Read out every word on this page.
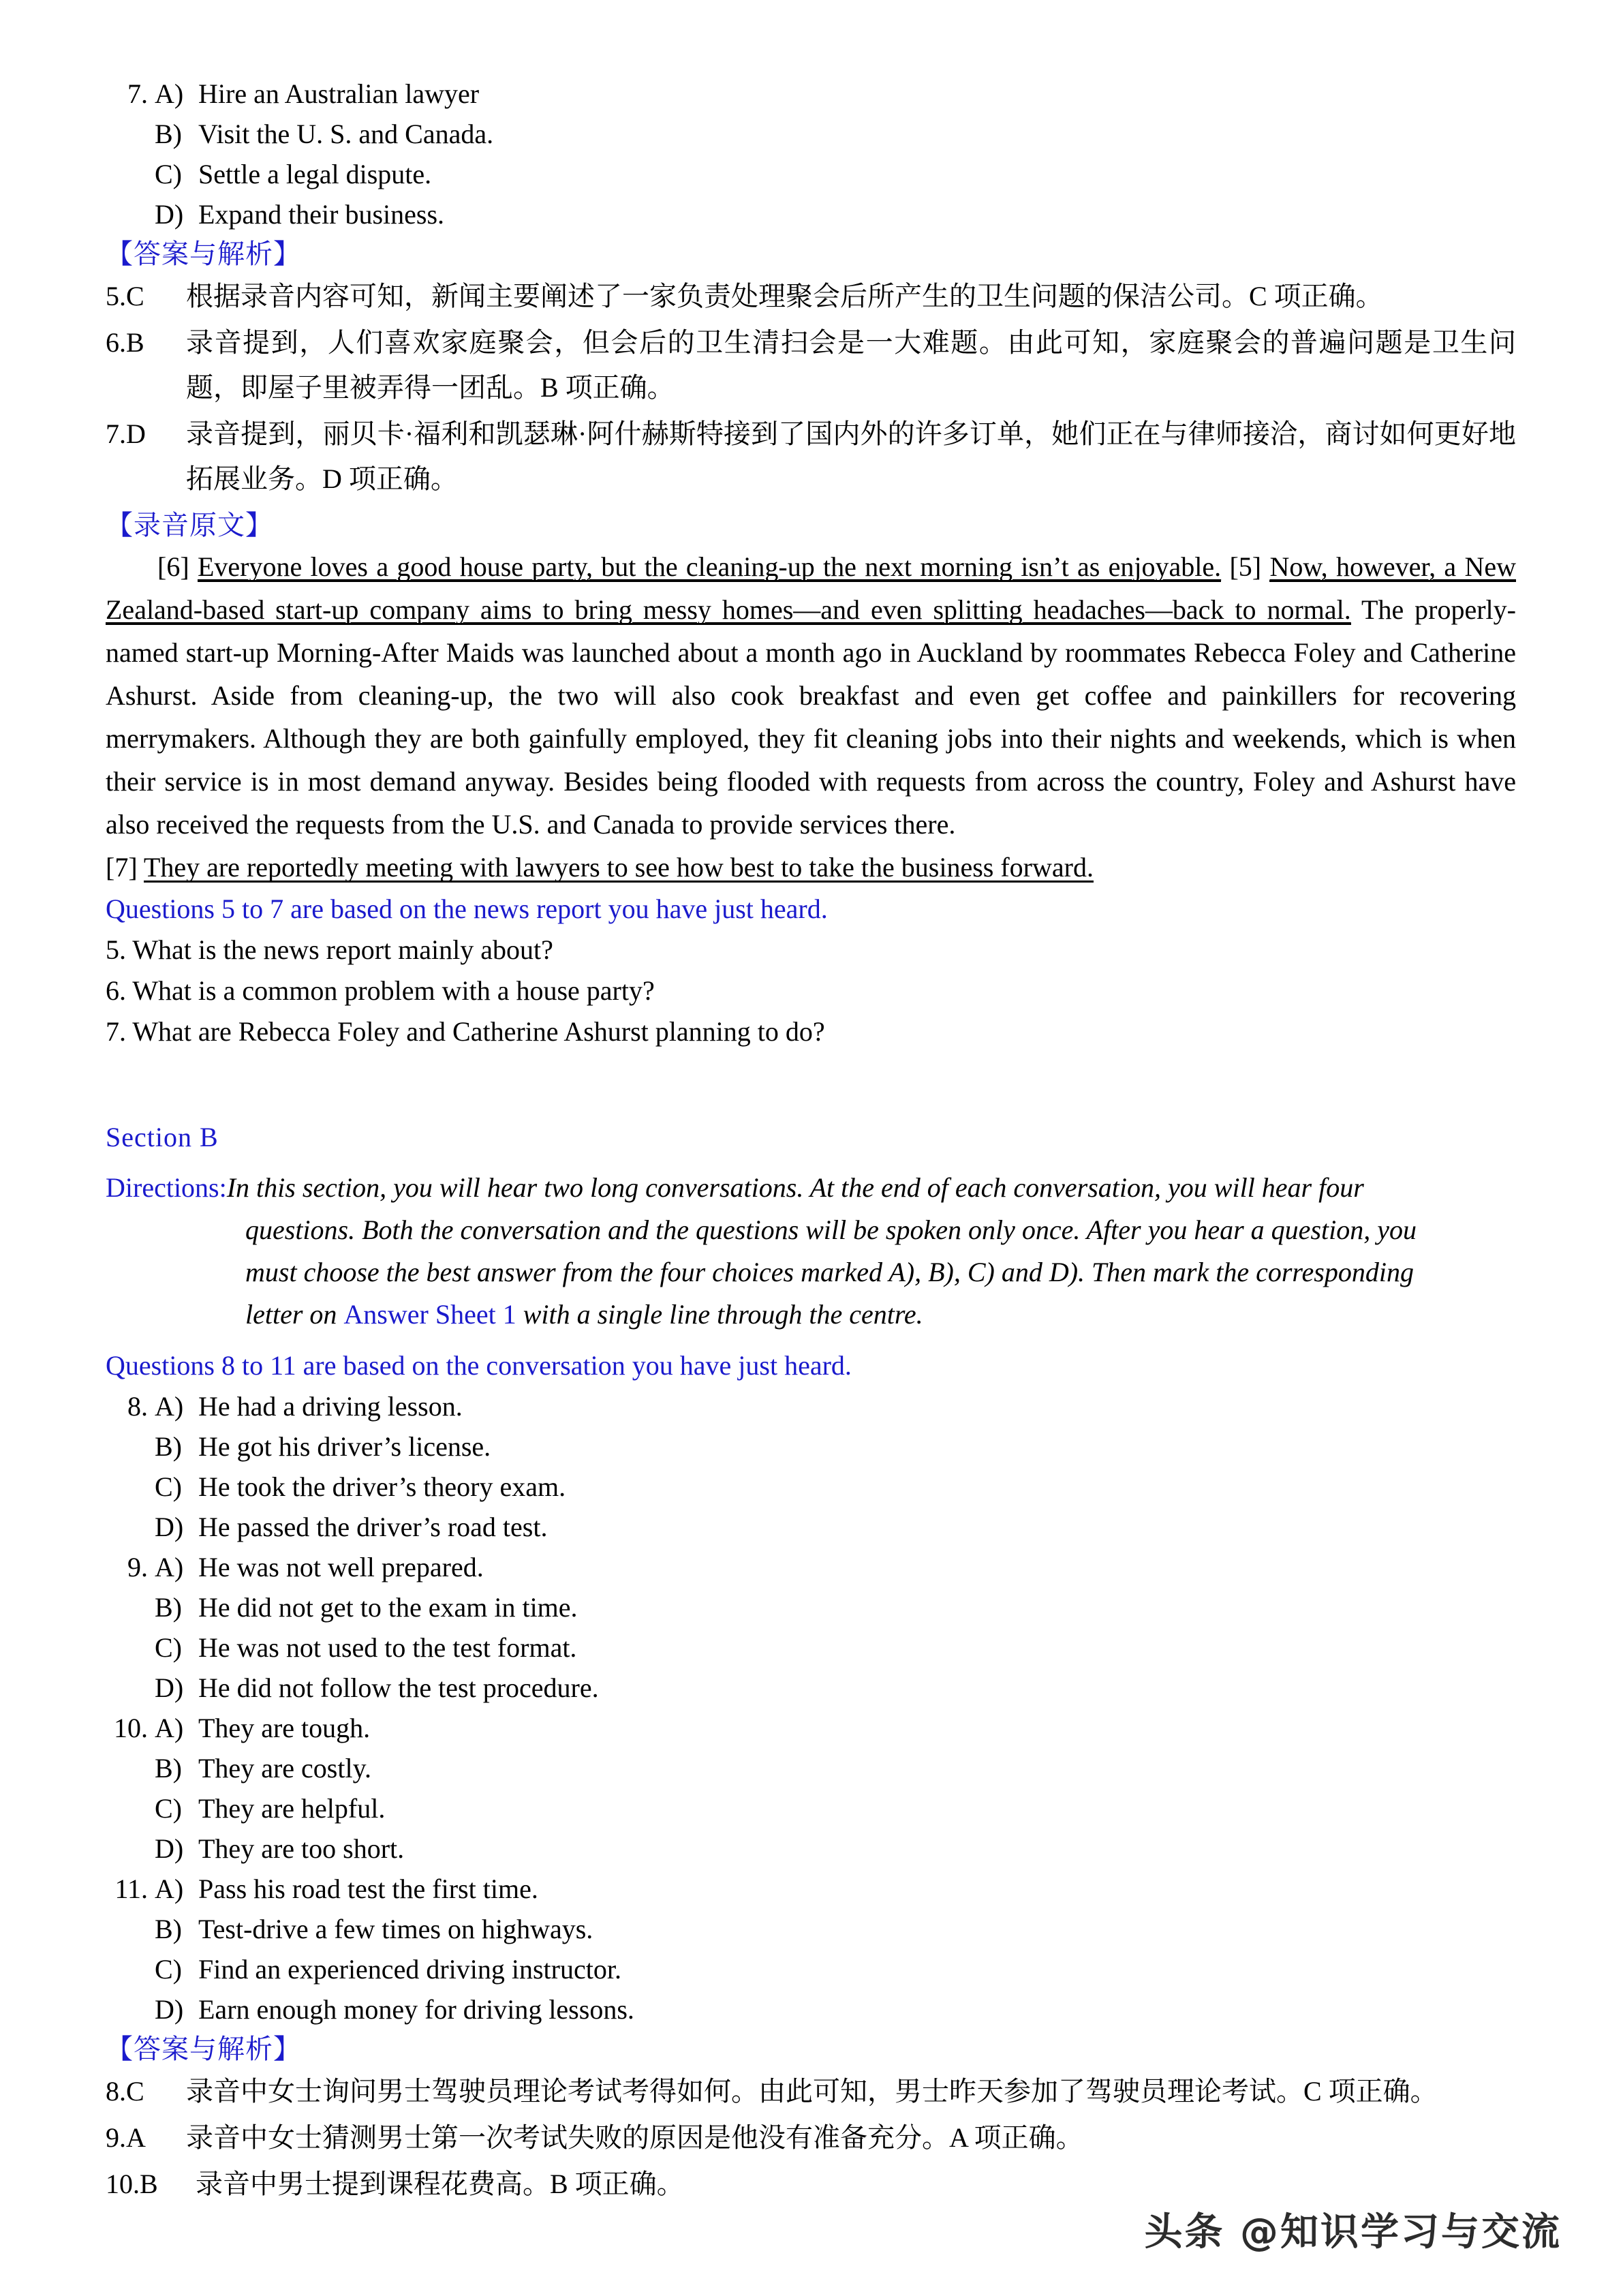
7. A) Hire an Australian lawyer
B) Visit the U. S. and Canada.
C) Settle a legal dispute.
D) Expand their business.
【答案与解析】
5.C	根据录音内容可知，新闻主要阐述了一家负责处理聚会后所产生的卫生问题的保洁公司。C 项正确。
6.B	录音提到，人们喜欢家庭聚会，但会后的卫生清扫会是一大难题。由此可知，家庭聚会的普遍问题是卫生问题，即屋子里被弄得一团乱。B 项正确。
7.D	录音提到，丽贝卡·福利和凯瑟琳·阿什赫斯特接到了国内外的许多订单，她们正在与律师接洽，商讨如何更好地拓展业务。D 项正确。
【录音原文】

[6] Everyone loves a good house party, but the cleaning-up the next morning isn’t as enjoyable. [5] Now, however, a New Zealand-based start-up company aims to bring messy homes—and even splitting headaches—back to normal. The properly-named start-up Morning-After Maids was launched about a month ago in Auckland by roommates Rebecca Foley and Catherine Ashurst. Aside from cleaning-up, the two will also cook breakfast and even get coffee and painkillers for recovering merrymakers. Although they are both gainfully employed, they fit cleaning jobs into their nights and weekends, which is when their service is in most demand anyway. Besides being flooded with requests from across the country, Foley and Ashurst have also received the requests from the U.S. and Canada to provide services there.

[7] They are reportedly meeting with lawyers to see how best to take the business forward.

Questions 5 to 7 are based on the news report you have just heard.
5. What is the news report mainly about?
6. What is a common problem with a house party?
7. What are Rebecca Foley and Catherine Ashurst planning to do?
Section B
Directions: In this section, you will hear two long conversations. At the end of each conversation, you will hear four
questions. Both the conversation and the questions will be spoken only once. After you hear a question, you
must choose the best answer from the four choices marked A), B), C) and D). Then mark the corresponding
letter on Answer Sheet 1 with a single line through the centre.
Questions 8 to 11 are based on the conversation you have just heard.
8. A) He had a driving lesson.
B) He got his driver’s license.
C) He took the driver’s theory exam.
D) He passed the driver’s road test.
9. A) He was not well prepared.
B) He did not get to the exam in time.
C) He was not used to the test format.
D) He did not follow the test procedure.
10. A) They are tough.
B) They are costly.
C) They are helpful.
D) They are too short.
11. A) Pass his road test the first time.
B) Test-drive a few times on highways.
C) Find an experienced driving instructor.
D) Earn enough money for driving lessons.
【答案与解析】
8.C	录音中女士询问男士驾驶员理论考试考得如何。由此可知，男士昨天参加了驾驶员理论考试。C 项正确。
9.A	录音中女士猜测男士第一次考试失败的原因是他没有准备充分。A 项正确。
10.B	录音中男士提到课程花费高。B 项正确。
头条 @知识学习与交流
